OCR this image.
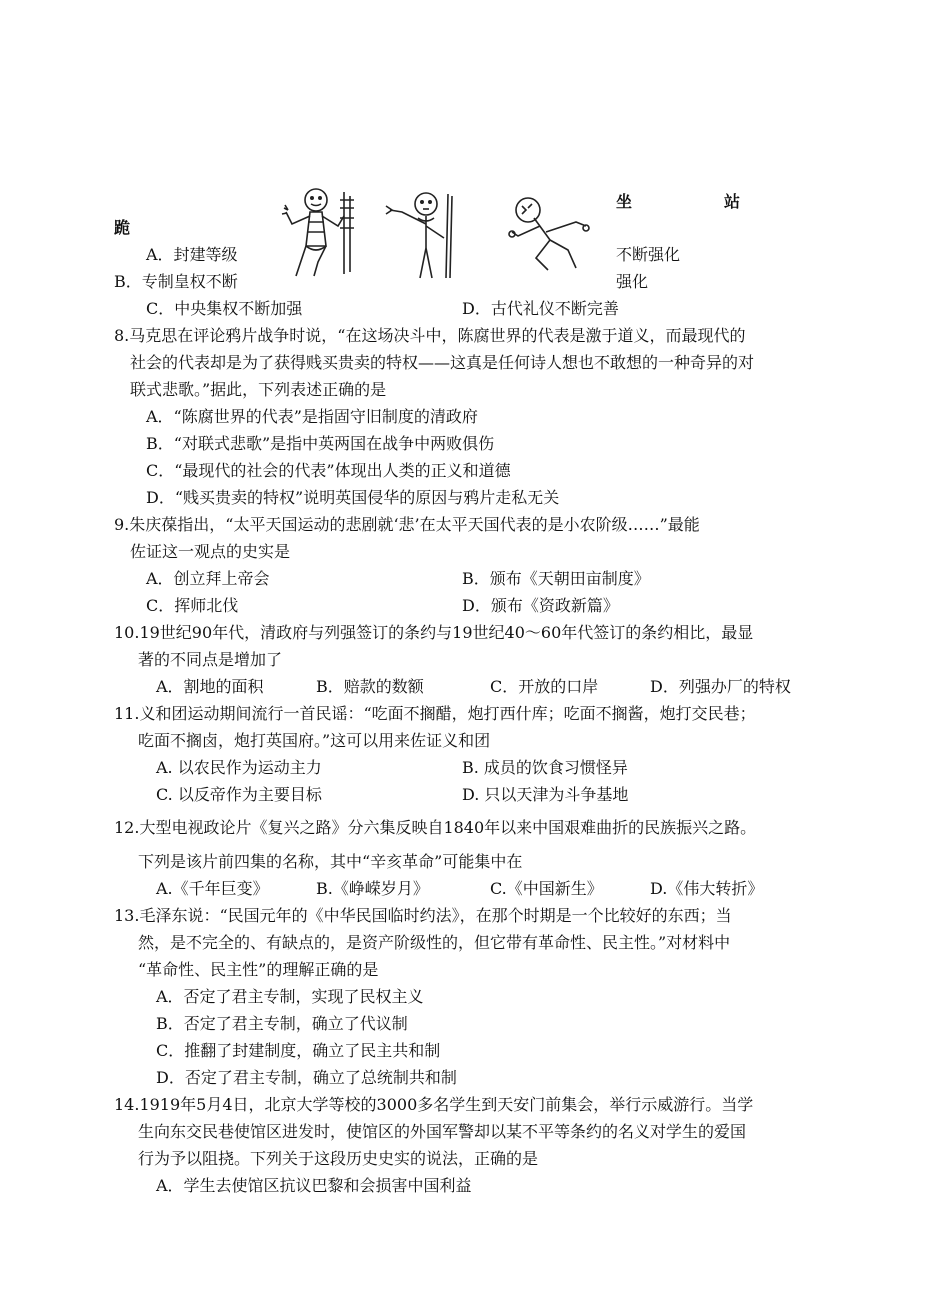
坐	站
跪
A．封建等级	不断强化
B．专制皇权不断	强化
C．中央集权不断加强	D．古代礼仪不断完善
8.马克思在评论鸦片战争时说，“在这场决斗中，陈腐世界的代表是激于道义，而最现代的
社会的代表却是为了获得贱买贵卖的特权——这真是任何诗人想也不敢想的一种奇异的对
联式悲歌。”据此，下列表述正确的是
A．“陈腐世界的代表”是指固守旧制度的清政府
B．“对联式悲歌”是指中英两国在战争中两败俱伤
C．“最现代的社会的代表”体现出人类的正义和道德
D．“贱买贵卖的特权”说明英国侵华的原因与鸦片走私无关
9.朱庆葆指出，“太平天国运动的悲剧就‘悲’在太平天国代表的是小农阶级……”最能
佐证这一观点的史实是
A．创立拜上帝会	B．颁布《天朝田亩制度》
C．挥师北伐	D．颁布《资政新篇》
10.19世纪90年代，清政府与列强签订的条约与19世纪40～60年代签订的条约相比，最显
著的不同点是增加了
A．割地的面积	B．赔款的数额	C．开放的口岸	D．列强办厂的特权
11.义和团运动期间流行一首民谣：“吃面不搁醋，炮打西什库；吃面不搁酱，炮打交民巷；
吃面不搁卤，炮打英国府。”这可以用来佐证义和团
A. 以农民作为运动主力	B. 成员的饮食习惯怪异
C. 以反帝作为主要目标	D. 只以天津为斗争基地
12.大型电视政论片《复兴之路》分六集反映自1840年以来中国艰难曲折的民族振兴之路。
下列是该片前四集的名称，其中“辛亥革命”可能集中在
A.《千年巨变》	B.《峥嵘岁月》	C.《中国新生》	D.《伟大转折》
13.毛泽东说：“民国元年的《中华民国临时约法》，在那个时期是一个比较好的东西；当
然，是不完全的、有缺点的，是资产阶级性的，但它带有革命性、民主性。”对材料中
“革命性、民主性”的理解正确的是
A．否定了君主专制，实现了民权主义
B．否定了君主专制，确立了代议制
C．推翻了封建制度，确立了民主共和制
D．否定了君主专制，确立了总统制共和制
14.1919年5月4日，北京大学等校的3000多名学生到天安门前集会，举行示威游行。当学
生向东交民巷使馆区进发时，使馆区的外国军警却以某不平等条约的名义对学生的爱国
行为予以阻挠。下列关于这段历史史实的说法，正确的是
A．学生去使馆区抗议巴黎和会损害中国利益
